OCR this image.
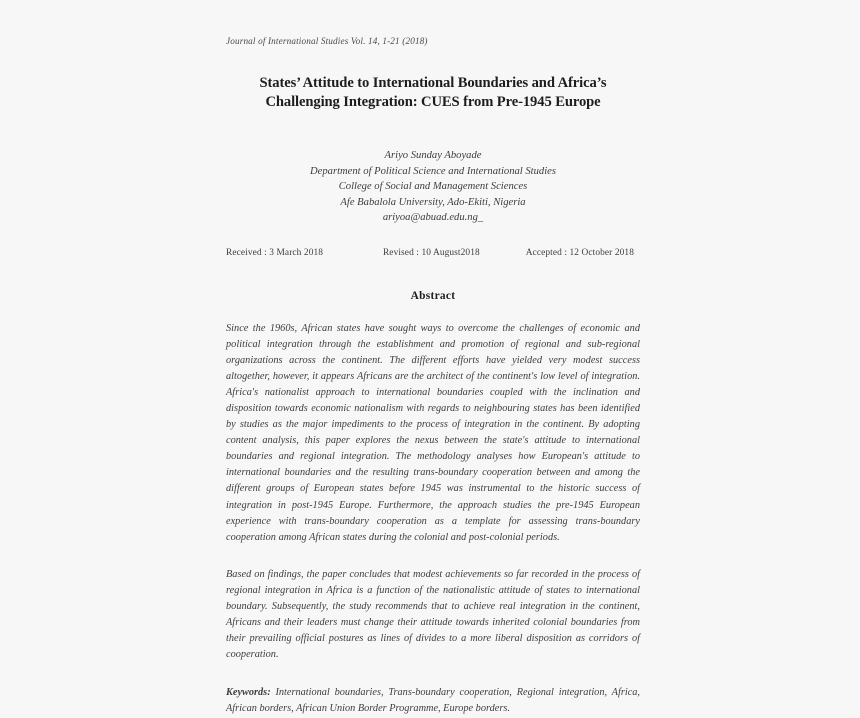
Journal of International Studies Vol. 14, 1-21 (2018)
States’ Attitude to International Boundaries and Africa’s
Challenging Integration: CUES from Pre-1945 Europe
Ariyo Sunday Aboyade
Department of Political Science and International Studies
College of Social and Management Sciences
Afe Babalola University, Ado-Ekiti, Nigeria
ariyoa@abuad.edu.ng_
Received : 3 March 2018	Revised : 10 August2018	Accepted : 12 October 2018
Abstract
Since the 1960s, African states have sought ways to overcome the challenges of economic and political integration through the establishment and promotion of regional and sub-regional organizations across the continent. The different efforts have yielded very modest success altogether, however, it appears Africans are the architect of the continent's low level of integration. Africa's nationalist approach to international boundaries coupled with the inclination and disposition towards economic nationalism with regards to neighbouring states has been identified by studies as the major impediments to the process of integration in the continent. By adopting content analysis, this paper explores the nexus between the state's attitude to international boundaries and regional integration. The methodology analyses how European's attitude to international boundaries and the resulting trans-boundary cooperation between and among the different groups of European states before 1945 was instrumental to the historic success of integration in post-1945 Europe. Furthermore, the approach studies the pre-1945 European experience with trans-boundary cooperation as a template for assessing trans-boundary cooperation among African states during the colonial and post-colonial periods.
Based on findings, the paper concludes that modest achievements so far recorded in the process of regional integration in Africa is a function of the nationalistic attitude of states to international boundary. Subsequently, the study recommends that to achieve real integration in the continent, Africans and their leaders must change their attitude towards inherited colonial boundaries from their prevailing official postures as lines of divides to a more liberal disposition as corridors of cooperation.
Keywords: International boundaries, Trans-boundary cooperation, Regional integration, Africa, African borders, African Union Border Programme, Europe borders.
